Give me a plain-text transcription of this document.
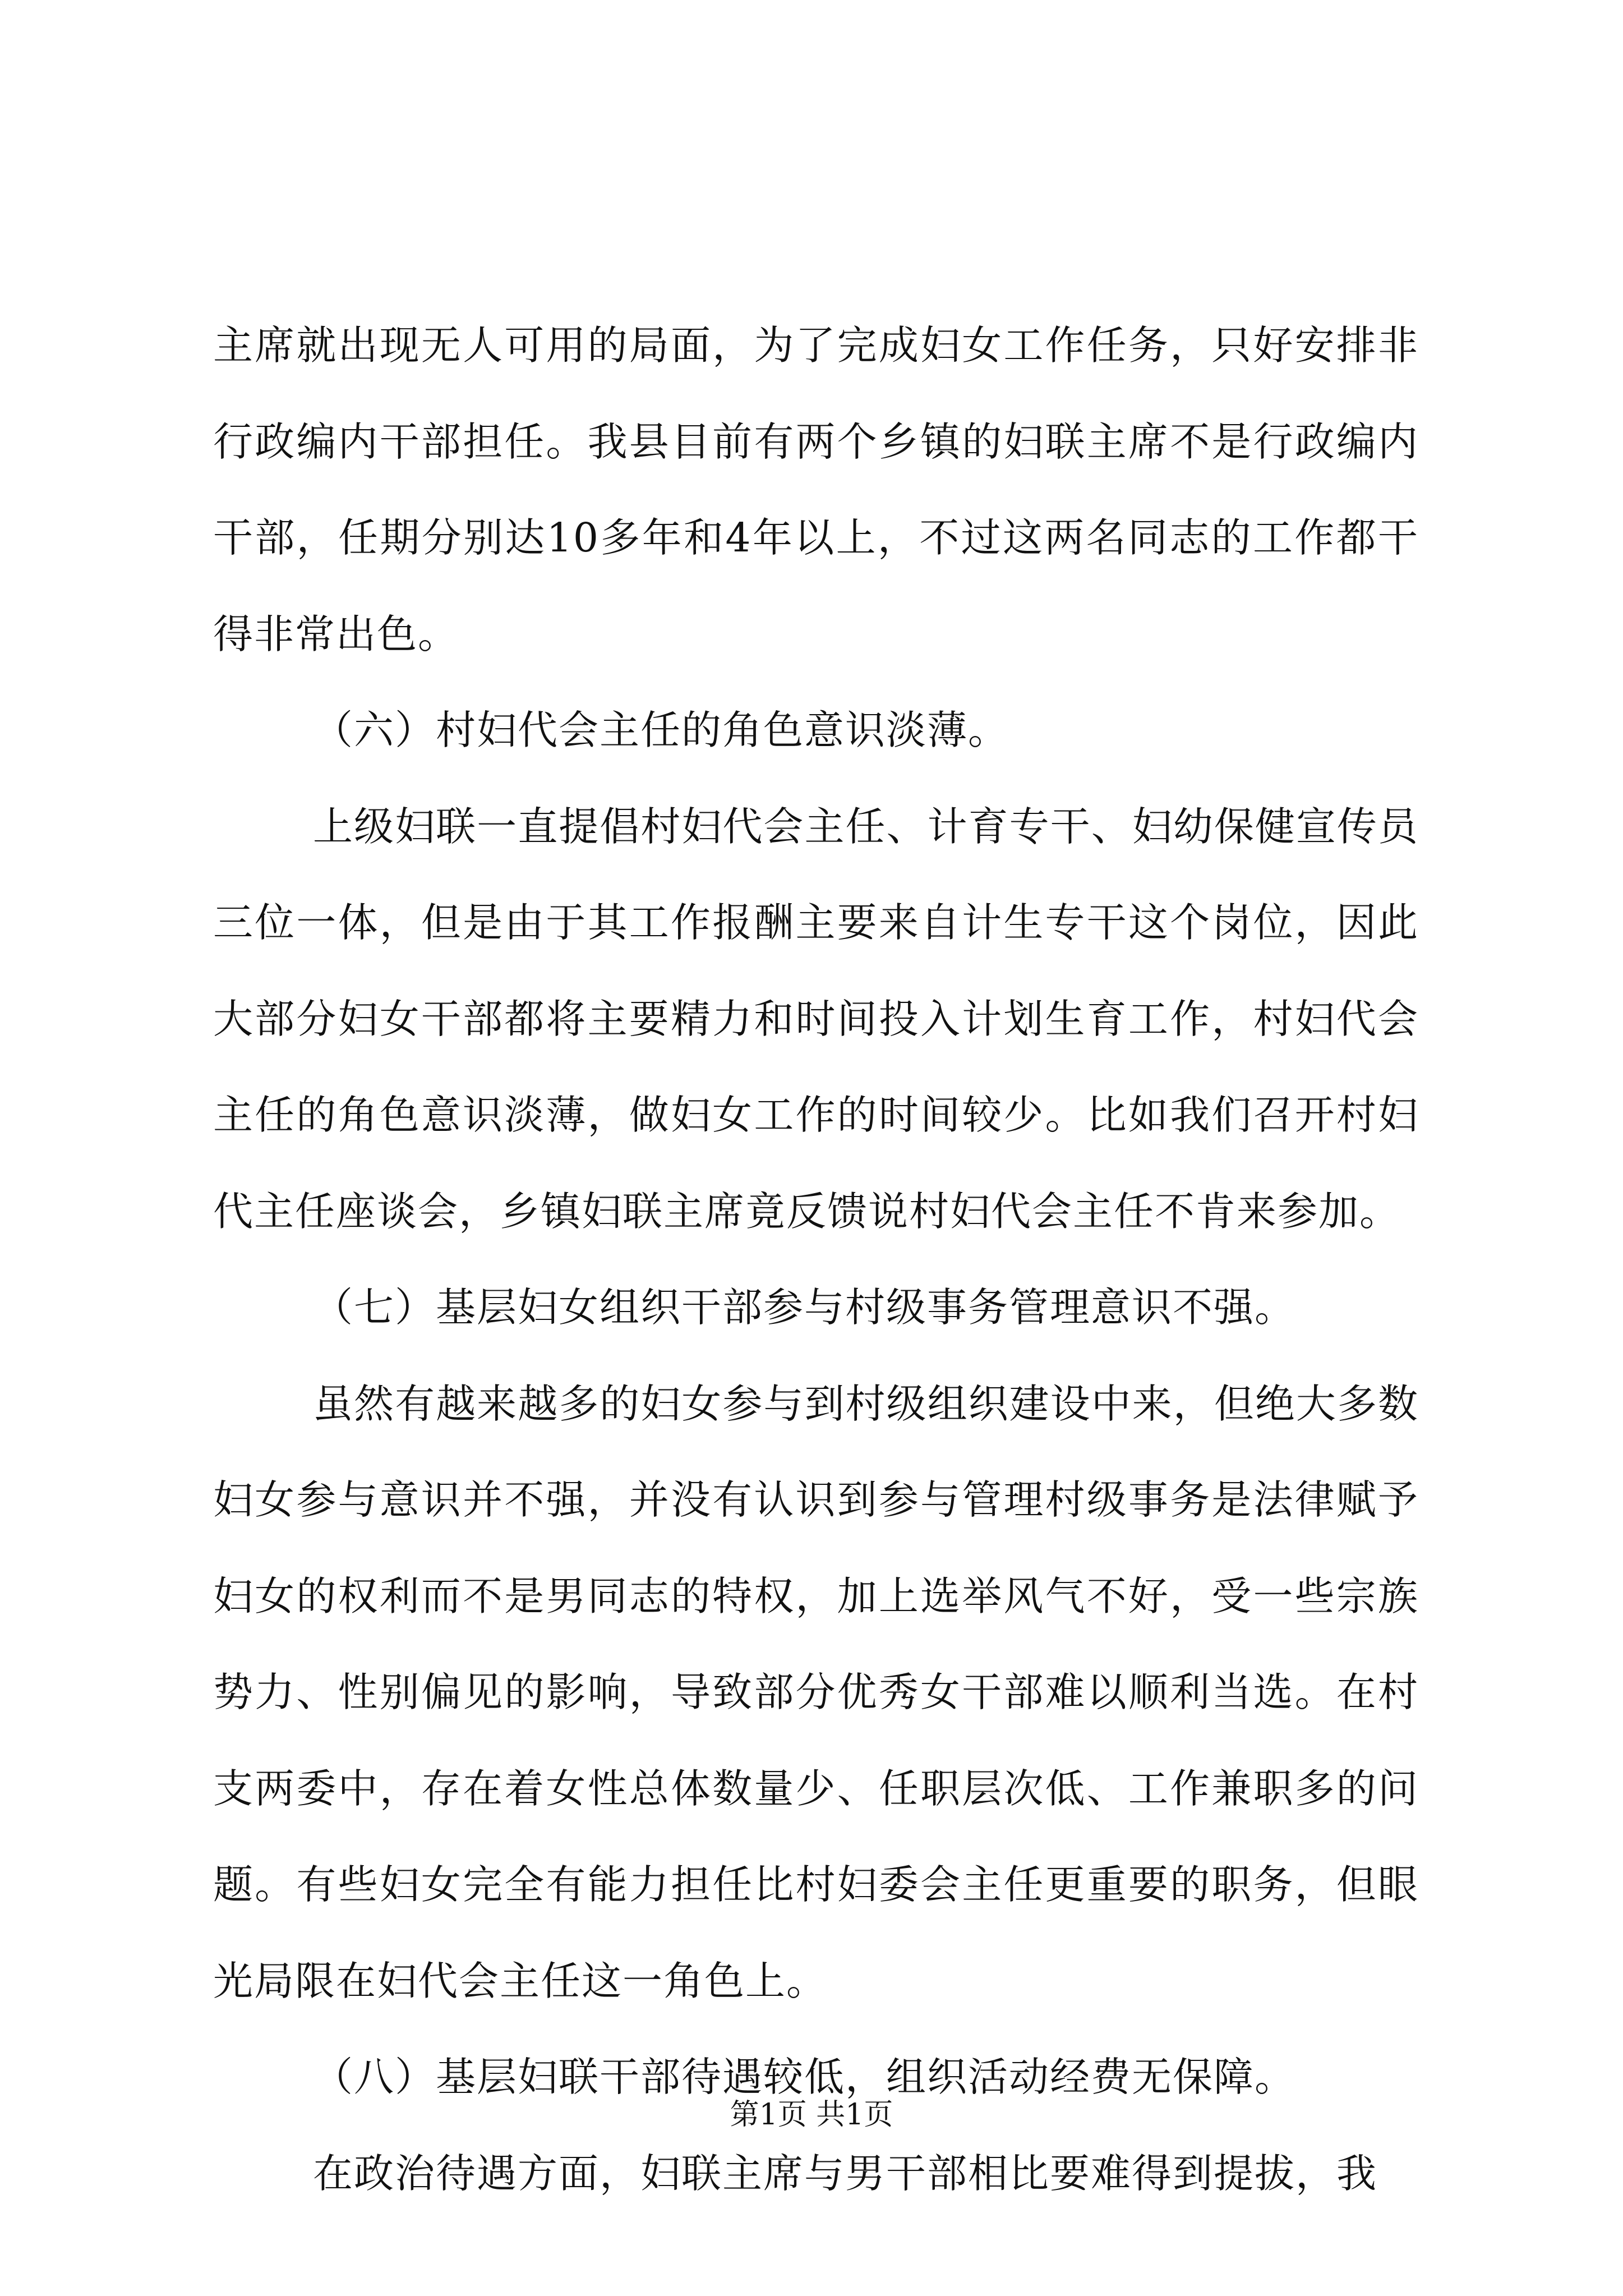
主席就出现无人可用的局面，为了完成妇女工作任务，只好安排非行政编内干部担任。我县目前有两个乡镇的妇联主席不是行政编内干部，任期分别达10多年和4年以上，不过这两名同志的工作都干得非常出色。

（六）村妇代会主任的角色意识淡薄。

上级妇联一直提倡村妇代会主任、计育专干、妇幼保健宣传员三位一体，但是由于其工作报酬主要来自计生专干这个岗位，因此大部分妇女干部都将主要精力和时间投入计划生育工作，村妇代会主任的角色意识淡薄，做妇女工作的时间较少。比如我们召开村妇代主任座谈会，乡镇妇联主席竟反馈说村妇代会主任不肯来参加。

（七）基层妇女组织干部参与村级事务管理意识不强。

虽然有越来越多的妇女参与到村级组织建设中来，但绝大多数妇女参与意识并不强，并没有认识到参与管理村级事务是法律赋予妇女的权利而不是男同志的特权，加上选举风气不好，受一些宗族势力、性别偏见的影响，导致部分优秀女干部难以顺利当选。在村支两委中，存在着女性总体数量少、任职层次低、工作兼职多的问题。有些妇女完全有能力担任比村妇委会主任更重要的职务，但眼光局限在妇代会主任这一角色上。

（八）基层妇联干部待遇较低，组织活动经费无保障。

在政治待遇方面，妇联主席与男干部相比要难得到提拔，我

第1页 共1页
